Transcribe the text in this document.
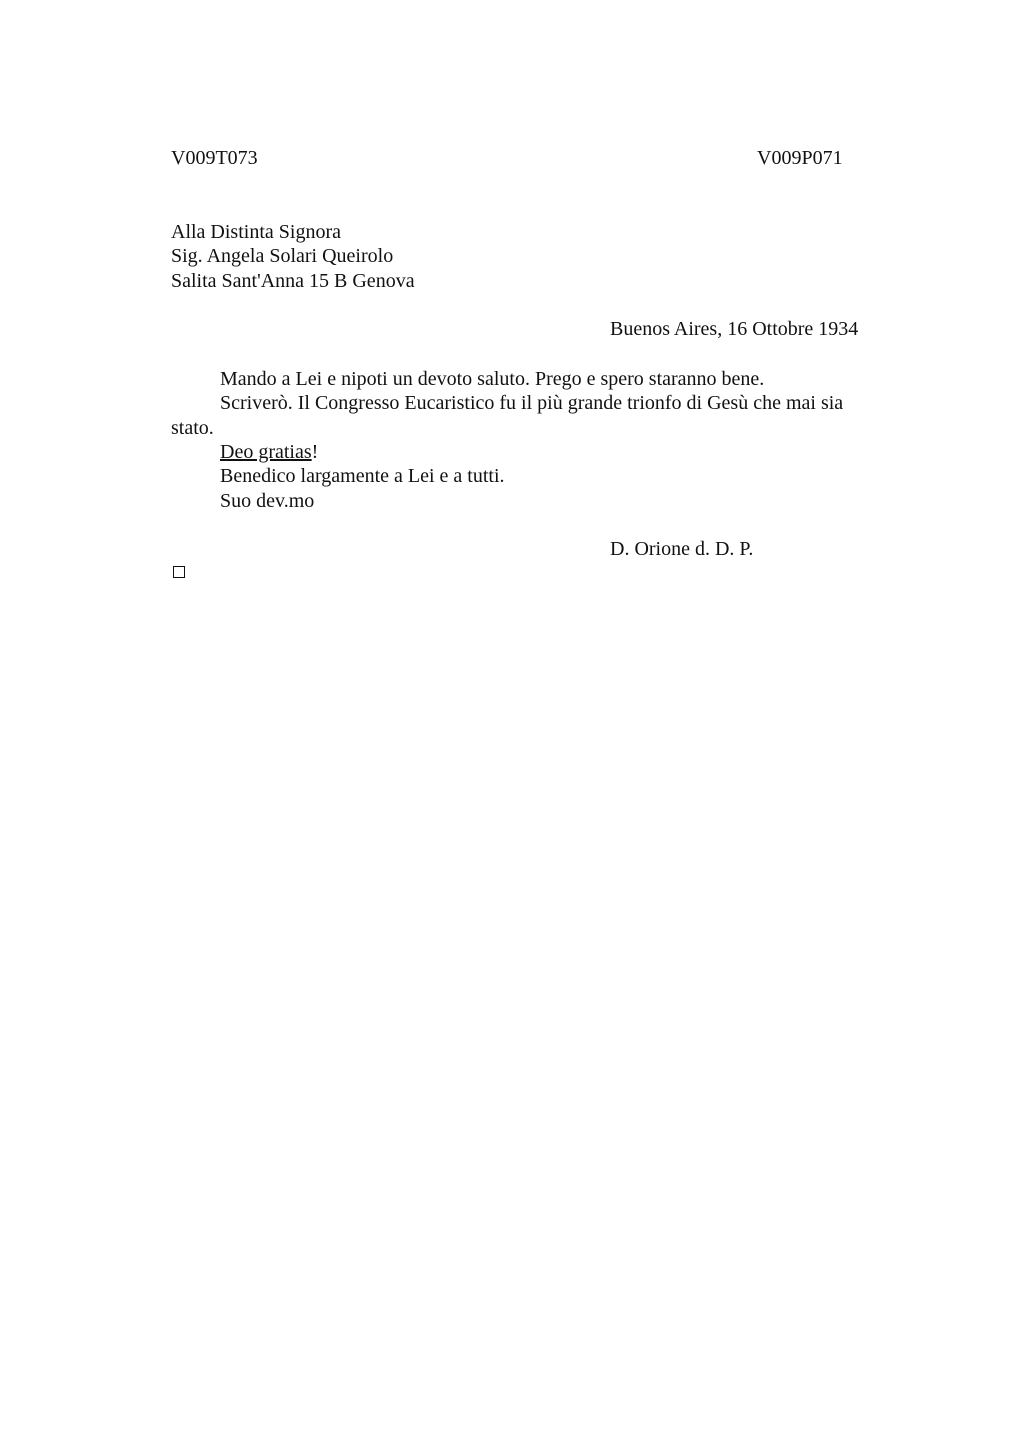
V009T073	V009P071
Alla Distinta Signora
Sig. Angela Solari Queirolo
Salita Sant'Anna 15 B Genova
Buenos Aires, 16 Ottobre 1934
Mando a Lei e nipoti un devoto saluto. Prego e spero staranno bene.
Scriverò. Il Congresso Eucaristico fu il più grande trionfo di Gesù che mai sia
stato.
Deo gratias!
Benedico largamente a Lei e a tutti.
Suo dev.mo
D. Orione d. D. P.
